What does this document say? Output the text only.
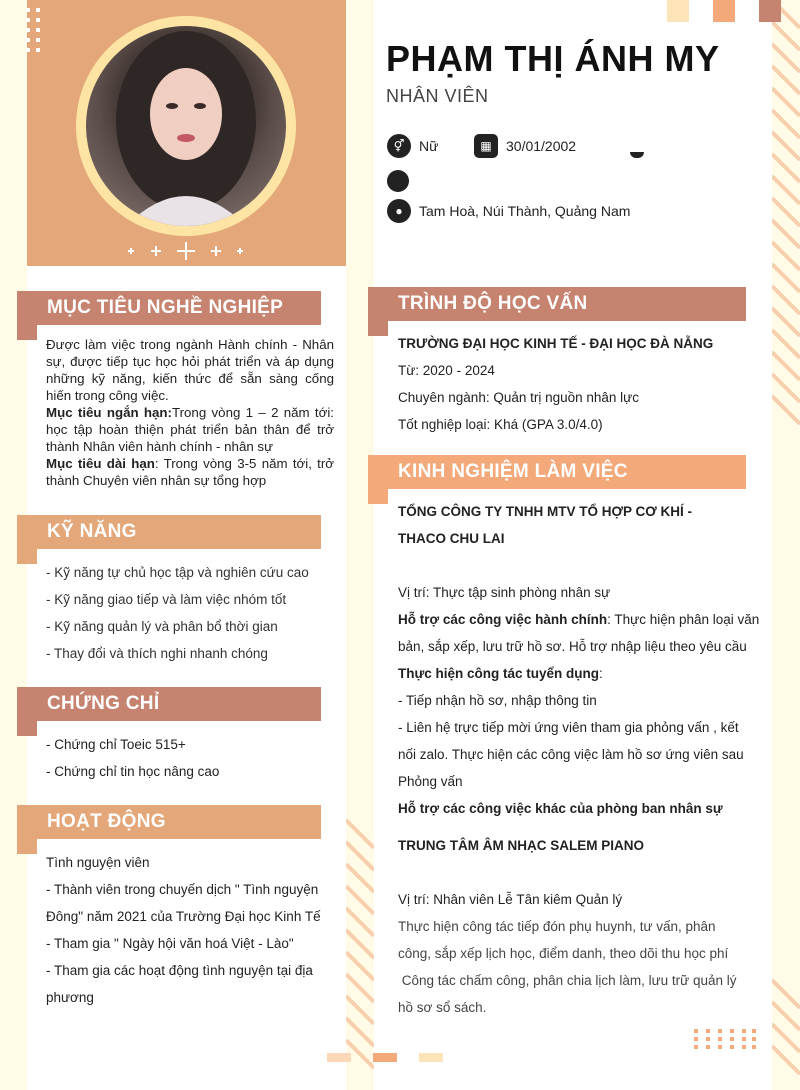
PHẠM THỊ ÁNH MY
NHÂN VIÊN
⚥	Nữ	▦	30/01/2002
●	Tam Hoà, Núi Thành, Quảng Nam
MỤC TIÊU NGHỀ NGHIỆP
Được làm việc trong ngành Hành chính - Nhân sự, được tiếp tục học hỏi phát triển và áp dụng những kỹ năng, kiến thức để sẵn sàng cống hiến trong công việc.
Mục tiêu ngắn hạn:Trong vòng 1 – 2 năm tới: học tập hoàn thiện phát triển bản thân để trở thành Nhân viên hành chính - nhân sự
Mục tiêu dài hạn: Trong vòng 3-5 năm tới, trở thành Chuyên viên nhân sự tổng hợp
KỸ NĂNG
- Kỹ năng tự chủ học tập và nghiên cứu cao
- Kỹ năng giao tiếp và làm việc nhóm tốt
- Kỹ năng quản lý và phân bổ thời gian
- Thay đổi và thích nghi nhanh chóng
CHỨNG CHỈ
- Chứng chỉ Toeic 515+
- Chứng chỉ tin học nâng cao
HOẠT ĐỘNG
Tình nguyện viên
- Thành viên trong chuyến dịch " Tình nguyện
Đông" năm 2021 của Trường Đại học Kinh Tế
- Tham gia " Ngày hội văn hoá Việt - Lào"
- Tham gia các hoạt động tình nguyện tại địa
phương
TRÌNH ĐỘ HỌC VẤN
TRƯỜNG ĐẠI HỌC KINH TẾ - ĐẠI HỌC ĐÀ NẴNG
Từ: 2020 - 2024
Chuyên ngành: Quản trị nguồn nhân lực
Tốt nghiệp loại: Khá (GPA 3.0/4.0)
KINH NGHIỆM LÀM VIỆC
TỔNG CÔNG TY TNHH MTV TỔ HỢP CƠ KHÍ -
THACO CHU LAI
Vị trí: Thực tập sinh phòng nhân sự
Hỗ trợ các công việc hành chính: Thực hiện phân loại văn
bản, sắp xếp, lưu trữ hồ sơ. Hỗ trợ nhập liệu theo yêu cầu
Thực hiện công tác tuyển dụng:
- Tiếp nhận hồ sơ, nhập thông tin
- Liên hệ trực tiếp mời ứng viên tham gia phỏng vấn , kết
nối zalo. Thực hiện các công việc làm hồ sơ ứng viên sau
Phỏng vấn
Hỗ trợ các công việc khác của phòng ban nhân sự
TRUNG TÂM ÂM NHẠC SALEM PIANO
Vị trí: Nhân viên Lễ Tân kiêm Quản lý
Thực hiện công tác tiếp đón phụ huynh, tư vấn, phân
công, sắp xếp lịch học, điểm danh, theo dõi thu học phí
Công tác chấm công, phân chia lịch làm, lưu trữ quản lý
hồ sơ sổ sách.
